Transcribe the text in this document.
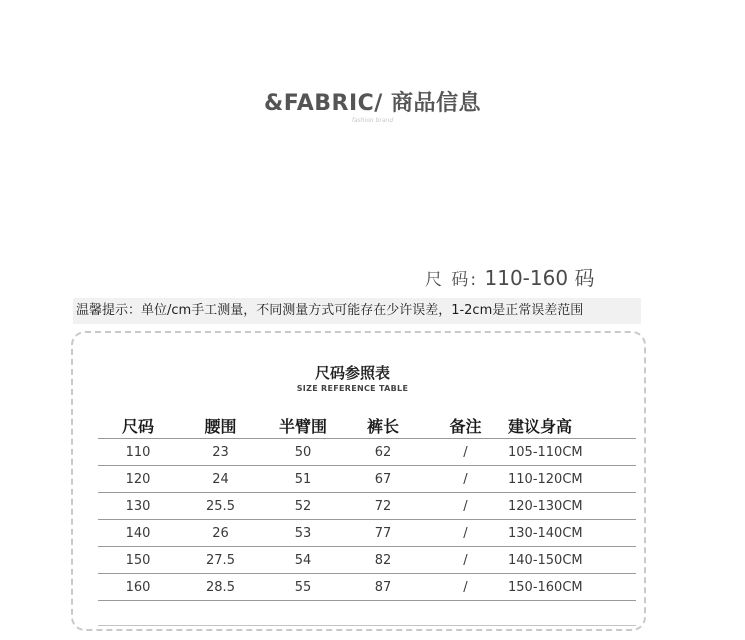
&FABRIC/ 商品信息
fashion brand
尺 码: 110-160 码
温馨提示：单位/cm手工测量，不同测量方式可能存在少许误差，1-2cm是正常误差范围
尺码参照表
SIZE REFERENCE TABLE
尺码	腰围	半臂围	裤长	备注	建议身高
110	23	50	62	/	105-110CM
120	24	51	67	/	110-120CM
130	25.5	52	72	/	120-130CM
140	26	53	77	/	130-140CM
150	27.5	54	82	/	140-150CM
160	28.5	55	87	/	150-160CM
